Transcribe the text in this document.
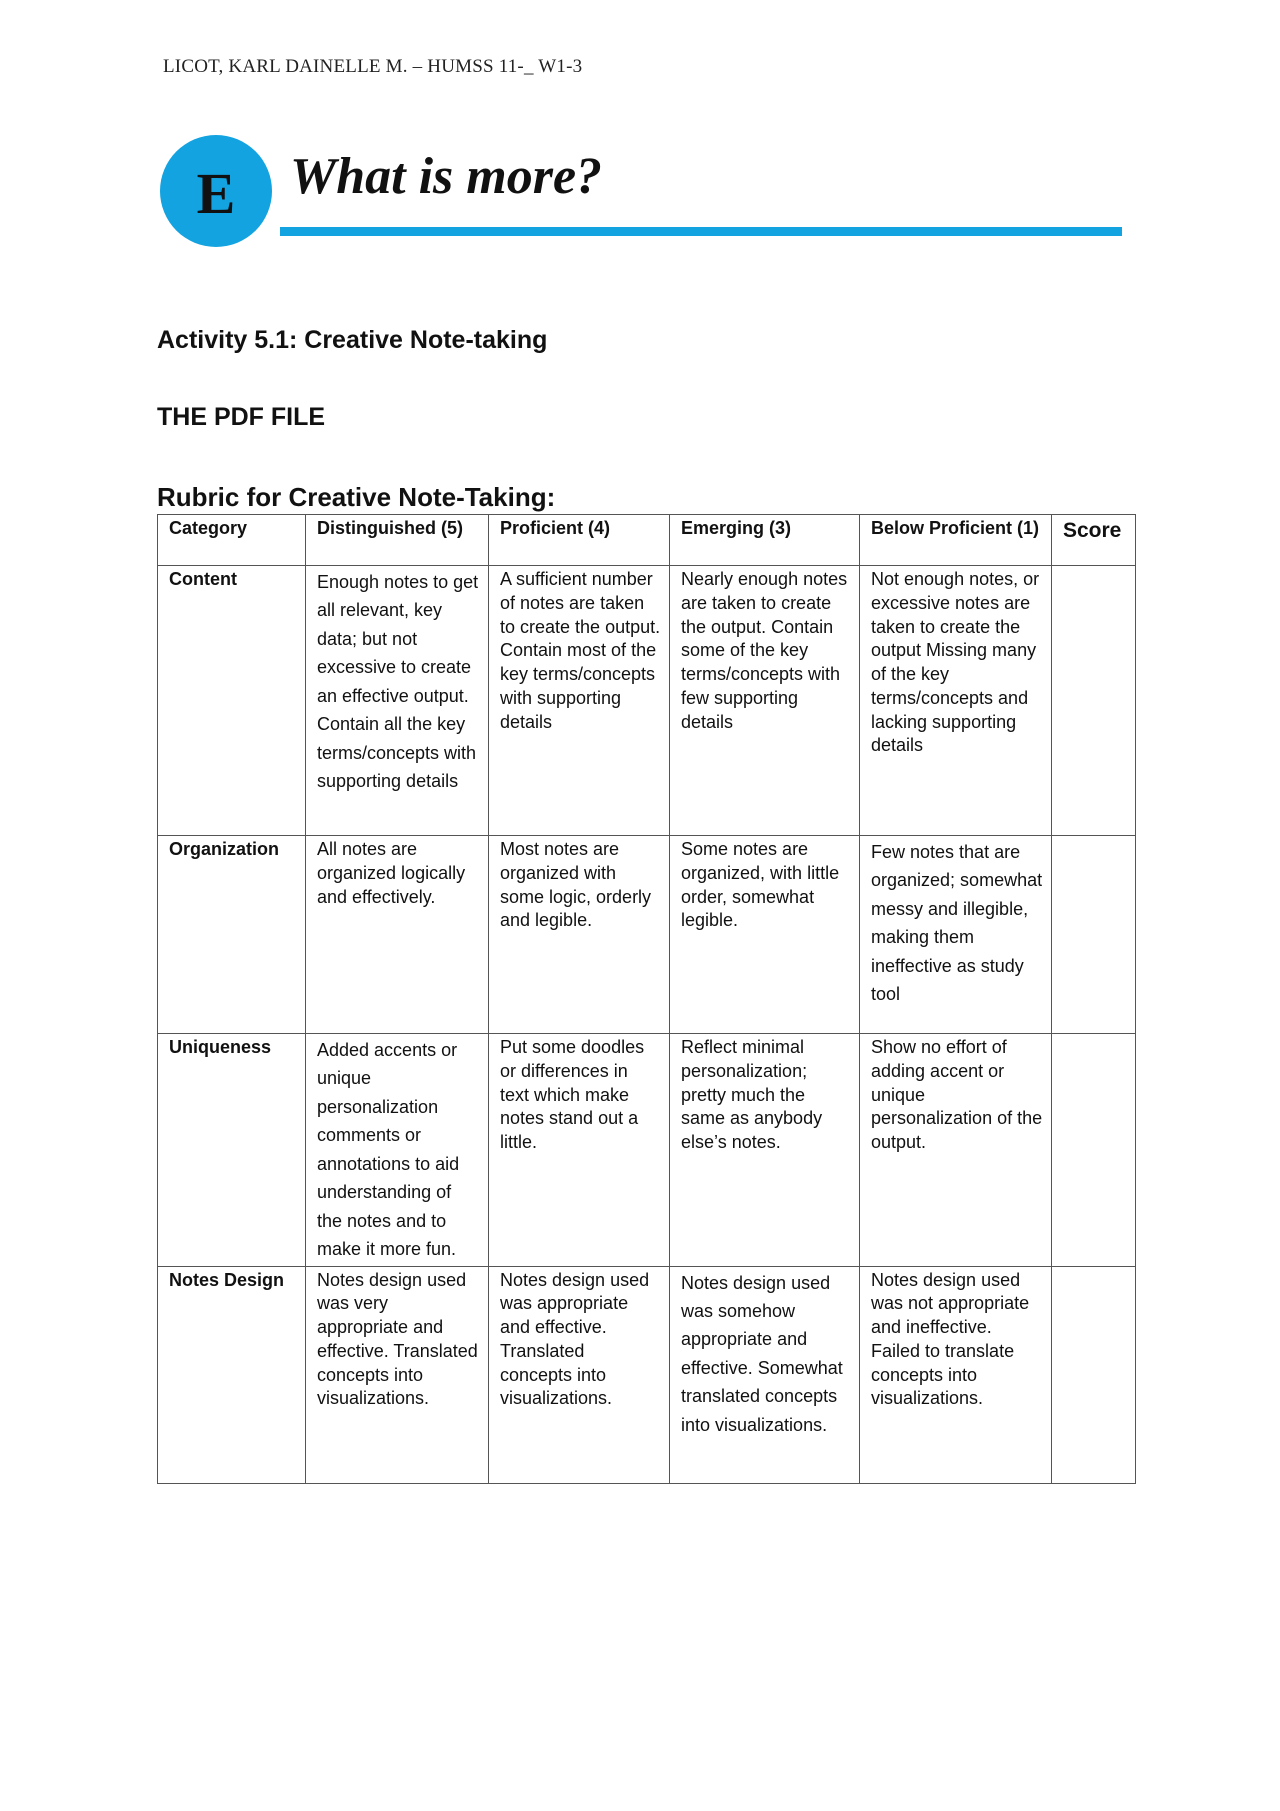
LICOT, KARL DAINELLE M. – HUMSS 11-_ W1-3
E What is more?
Activity 5.1: Creative Note-taking
THE PDF FILE
Rubric for Creative Note-Taking:
Category	Distinguished (5)	Proficient (4)	Emerging (3)	Below Proficient (1)	Score
Content	Enough notes to get all relevant, key data; but not excessive to create an effective output. Contain all the key terms/concepts with supporting details	A sufficient number of notes are taken to create the output. Contain most of the key terms/concepts with supporting details	Nearly enough notes are taken to create the output. Contain some of the key terms/concepts with few supporting details	Not enough notes, or excessive notes are taken to create the output Missing many of the key terms/concepts and lacking supporting details	
Organization	All notes are organized logically and effectively.	Most notes are organized with some logic, orderly and legible.	Some notes are organized, with little order, somewhat legible.	Few notes that are organized; somewhat messy and illegible, making them ineffective as study tool	
Uniqueness	Added accents or unique personalization comments or annotations to aid understanding of the notes and to make it more fun.	Put some doodles or differences in text which make notes stand out a little.	Reflect minimal personalization; pretty much the same as anybody else’s notes.	Show no effort of adding accent or unique personalization of the output.	
Notes Design	Notes design used was very appropriate and effective. Translated concepts into visualizations.	Notes design used was appropriate and effective. Translated concepts into visualizations.	Notes design used was somehow appropriate and effective. Somewhat translated concepts into visualizations.	Notes design used was not appropriate and ineffective. Failed to translate concepts into visualizations.	
